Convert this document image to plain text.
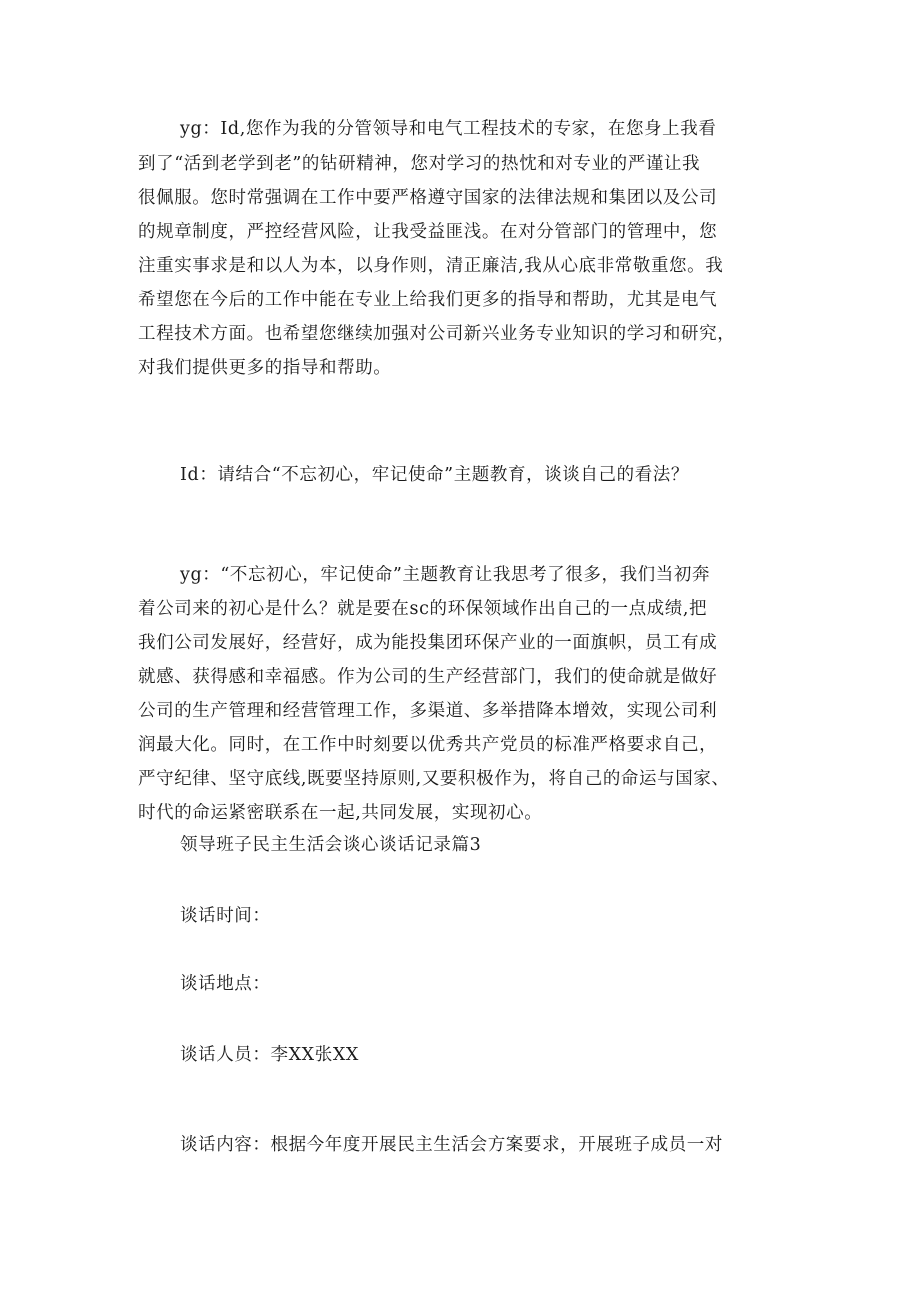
yg：Id,您作为我的分管领导和电气工程技术的专家，在您身上我看
到了“活到老学到老”的钻研精神，您对学习的热忱和对专业的严谨让我
很佩服。您时常强调在工作中要严格遵守国家的法律法规和集团以及公司
的规章制度，严控经营风险，让我受益匪浅。在对分管部门的管理中，您
注重实事求是和以人为本，以身作则，清正廉洁,我从心底非常敬重您。我
希望您在今后的工作中能在专业上给我们更多的指导和帮助，尤其是电气
工程技术方面。也希望您继续加强对公司新兴业务专业知识的学习和研究，
对我们提供更多的指导和帮助。
Id：请结合“不忘初心，牢记使命”主题教育，谈谈自己的看法？
yg：“不忘初心，牢记使命”主题教育让我思考了很多，我们当初奔
着公司来的初心是什么？就是要在sc的环保领域作出自己的一点成绩,把
我们公司发展好，经营好，成为能投集团环保产业的一面旗帜，员工有成
就感、获得感和幸福感。作为公司的生产经营部门，我们的使命就是做好
公司的生产管理和经营管理工作，多渠道、多举措降本增效，实现公司利
润最大化。同时，在工作中时刻要以优秀共产党员的标准严格要求自己，
严守纪律、坚守底线,既要坚持原则,又要积极作为，将自己的命运与国家、
时代的命运紧密联系在一起,共同发展，实现初心。
领导班子民主生活会谈心谈话记录篇3
谈话时间：
谈话地点：
谈话人员：李XX张XX
谈话内容：根据今年度开展民主生活会方案要求，开展班子成员一对
